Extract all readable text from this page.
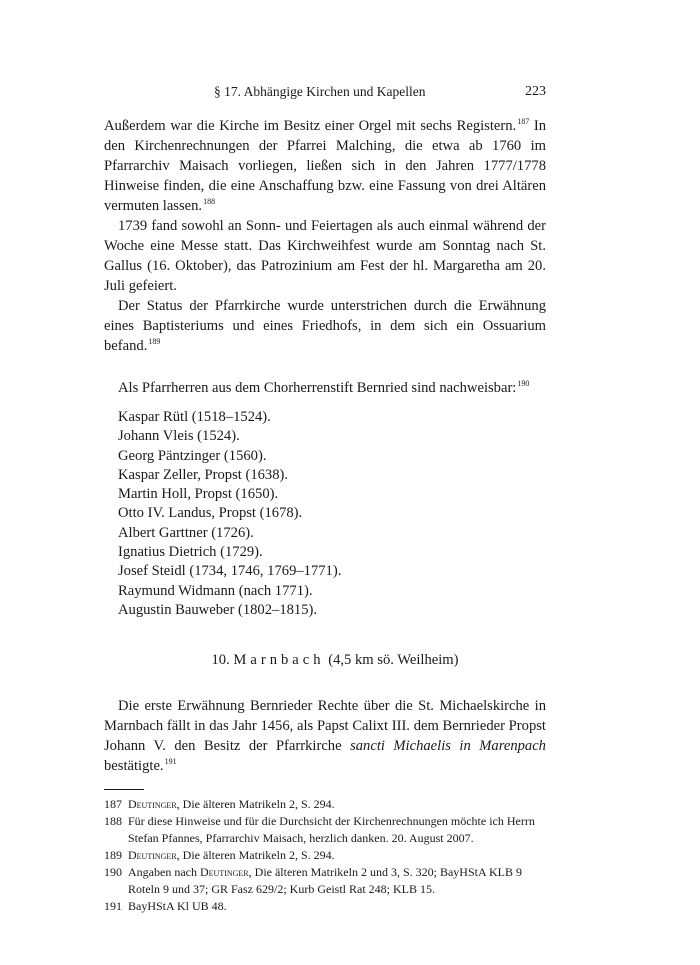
§ 17. Abhängige Kirchen und Kapellen	223

Außerdem war die Kirche im Besitz einer Orgel mit sechs Registern.$^{187}$ In den Kirchenrechnungen der Pfarrei Malching, die etwa ab 1760 im Pfarrarchiv Maisach vorliegen, ließen sich in den Jahren 1777/1778 Hinweise finden, die eine Anschaffung bzw. eine Fassung von drei Altären vermuten lassen.$^{188}$

1739 fand sowohl an Sonn- und Feiertagen als auch einmal während der Woche eine Messe statt. Das Kirchweihfest wurde am Sonntag nach St. Gallus (16. Oktober), das Patrozinium am Fest der hl. Margaretha am 20. Juli gefeiert.

Der Status der Pfarrkirche wurde unterstrichen durch die Erwähnung eines Baptisteriums und eines Friedhofs, in dem sich ein Ossuarium befand.$^{189}$

Als Pfarrherren aus dem Chorherrenstift Bernried sind nachweisbar:$^{190}$

Kaspar Rütl (1518–1524).
Johann Vleis (1524).
Georg Päntzinger (1560).
Kaspar Zeller, Propst (1638).
Martin Holl, Propst (1650).
Otto IV. Landus, Propst (1678).
Albert Garttner (1726).
Ignatius Dietrich (1729).
Josef Steidl (1734, 1746, 1769–1771).
Raymund Widmann (nach 1771).
Augustin Bauweber (1802–1815).
10. Marnbach (4,5 km sö. Weilheim)

Die erste Erwähnung Bernrieder Rechte über die St. Michaelskirche in Marnbach fällt in das Jahr 1456, als Papst Calixt III. dem Bernrieder Propst Johann V. den Besitz der Pfarrkirche sancti Michaelis in Marenpach bestätigte.$^{191}$

187 Deutinger, Die älteren Matrikeln 2, S. 294.
188 Für diese Hinweise und für die Durchsicht der Kirchenrechnungen möchte ich Herrn Stefan Pfannes, Pfarrarchiv Maisach, herzlich danken. 20. August 2007.
189 Deutinger, Die älteren Matrikeln 2, S. 294.
190 Angaben nach Deutinger, Die älteren Matrikeln 2 und 3, S. 320; BayHStA KLB 9 Roteln 9 und 37; GR Fasz 629/2; Kurb Geistl Rat 248; KLB 15.
191 BayHStA Kl UB 48.
